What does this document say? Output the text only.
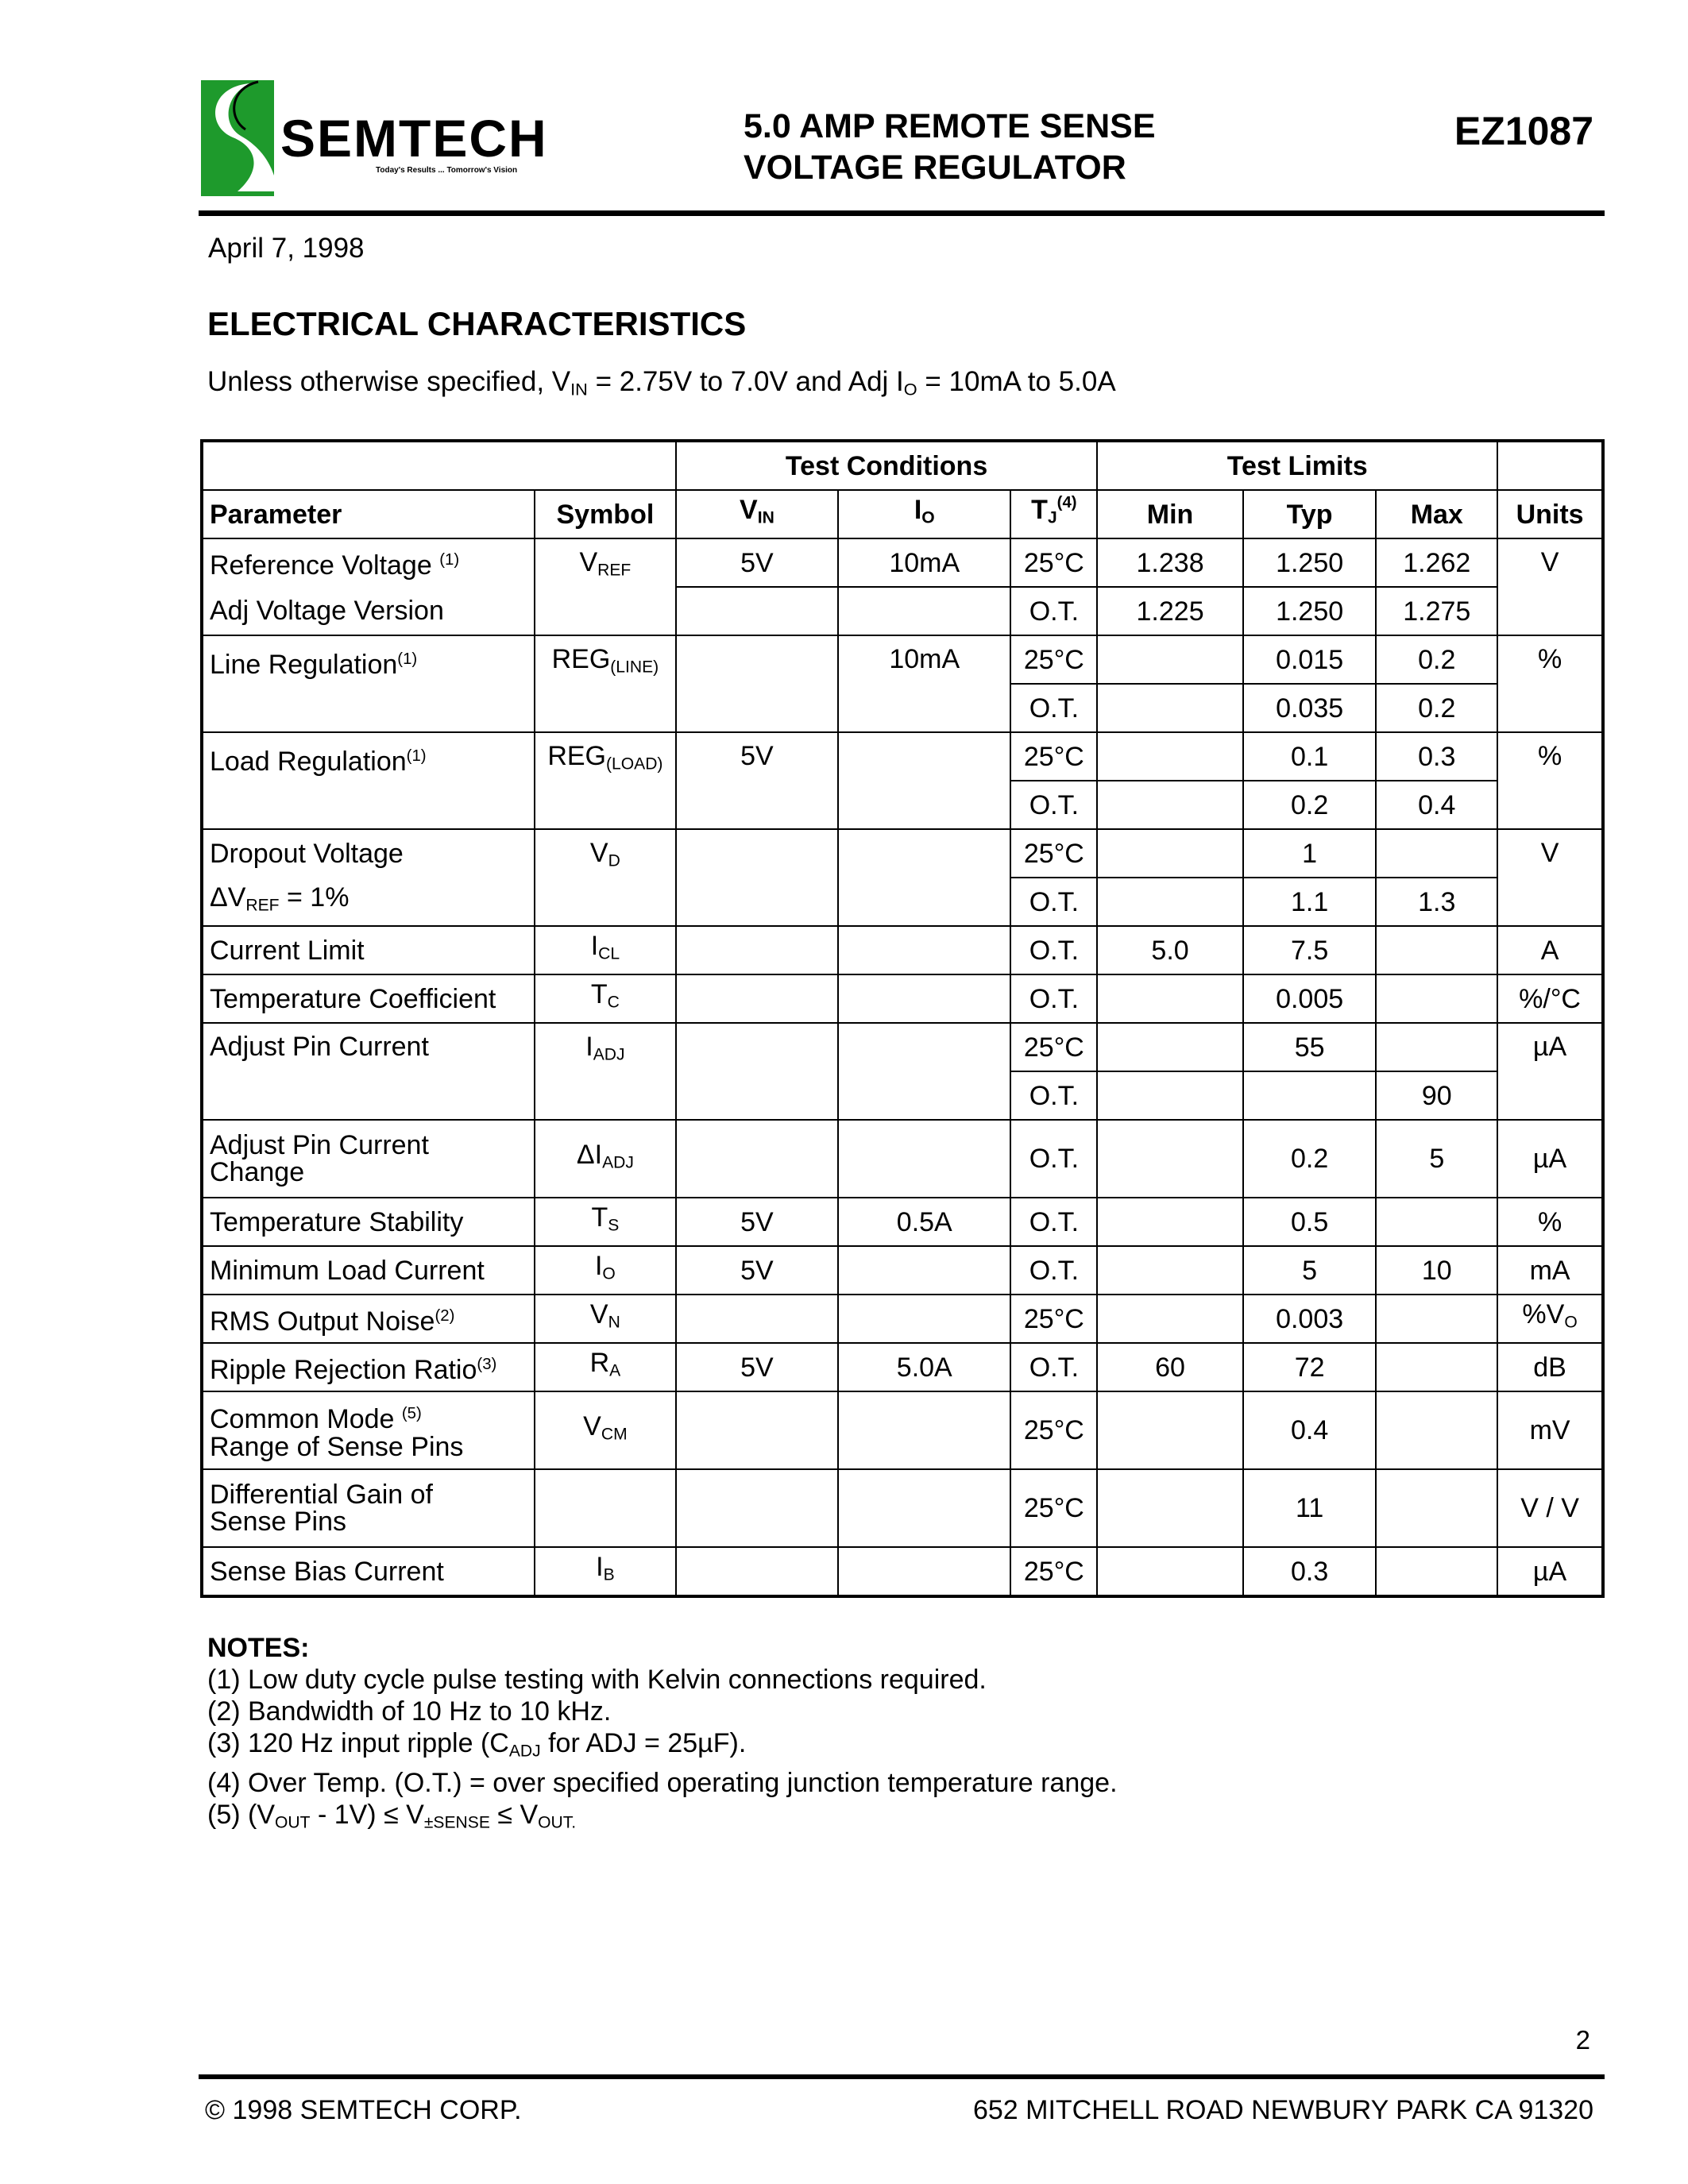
SEMTECH
Today's Results ... Tomorrow's Vision
5.0 AMP REMOTE SENSE
VOLTAGE REGULATOR
EZ1087
April 7, 1998
ELECTRICAL CHARACTERISTICS
Unless otherwise specified, $V_{IN} = 2.75V$ to 7.0V and Adj $I_O = 10mA$ to 5.0A
		Test Conditions			Test Limits			
Parameter	Symbol	$V_{IN}$	$I_O$	$T_J^{(4)}$	Min	Typ	Max	Units
Reference Voltage $^{(1)}$	$V_{REF}$	5V	10mA	25°C	1.238	1.250	1.262	V
Adj Voltage Version				O.T.	1.225	1.250	1.275	
Line Regulation$^{(1)}$	$REG_{(LINE)}$		10mA	25°C		0.015	0.2	%
				O.T.		0.035	0.2	
Load Regulation$^{(1)}$	$REG_{(LOAD)}$	5V		25°C		0.1	0.3	%
				O.T.		0.2	0.4	
Dropout Voltage	$V_D$			25°C		1		V
$\Delta V_{REF} = 1\%$				O.T.		1.1	1.3	
Current Limit	$I_{CL}$			O.T.	5.0	7.5		A
Temperature Coefficient	$T_C$			O.T.		0.005		%/°C
Adjust Pin Current	$I_{ADJ}$			25°C		55		µA
				O.T.			90	

Adjust Pin Current
Change	$\Delta I_{ADJ}$			O.T.		0.2	5	µA
Temperature Stability	$T_S$	5V	0.5A	O.T.		0.5		%
Minimum Load Current	$I_O$	5V		O.T.		5	10	mA
RMS Output Noise$^{(2)}$	$V_N$			25°C		0.003		$\%V_O$
Ripple Rejection Ratio$^{(3)}$	$R_A$	5V	5.0A	O.T.	60	72		dB

Common Mode $^{(5)}$
Range of Sense Pins	$V_{CM}$			25°C		0.4		mV

Differential Gain of
Sense Pins				25°C		11		V / V
Sense Bias Current	$I_B$			25°C		0.3		µA
NOTES:
(1) Low duty cycle pulse testing with Kelvin connections required.
(2) Bandwidth of 10 Hz to 10 kHz.
(3) 120 Hz input ripple ($C_{ADJ}$ for ADJ = 25µF).
(4) Over Temp. (O.T.) = over specified operating junction temperature range.
(5) $(V_{OUT} - 1V) \le V_{\pm SENSE} \le V_{OUT.}$
2
© 1998 SEMTECH CORP.	652 MITCHELL ROAD NEWBURY PARK CA 91320
